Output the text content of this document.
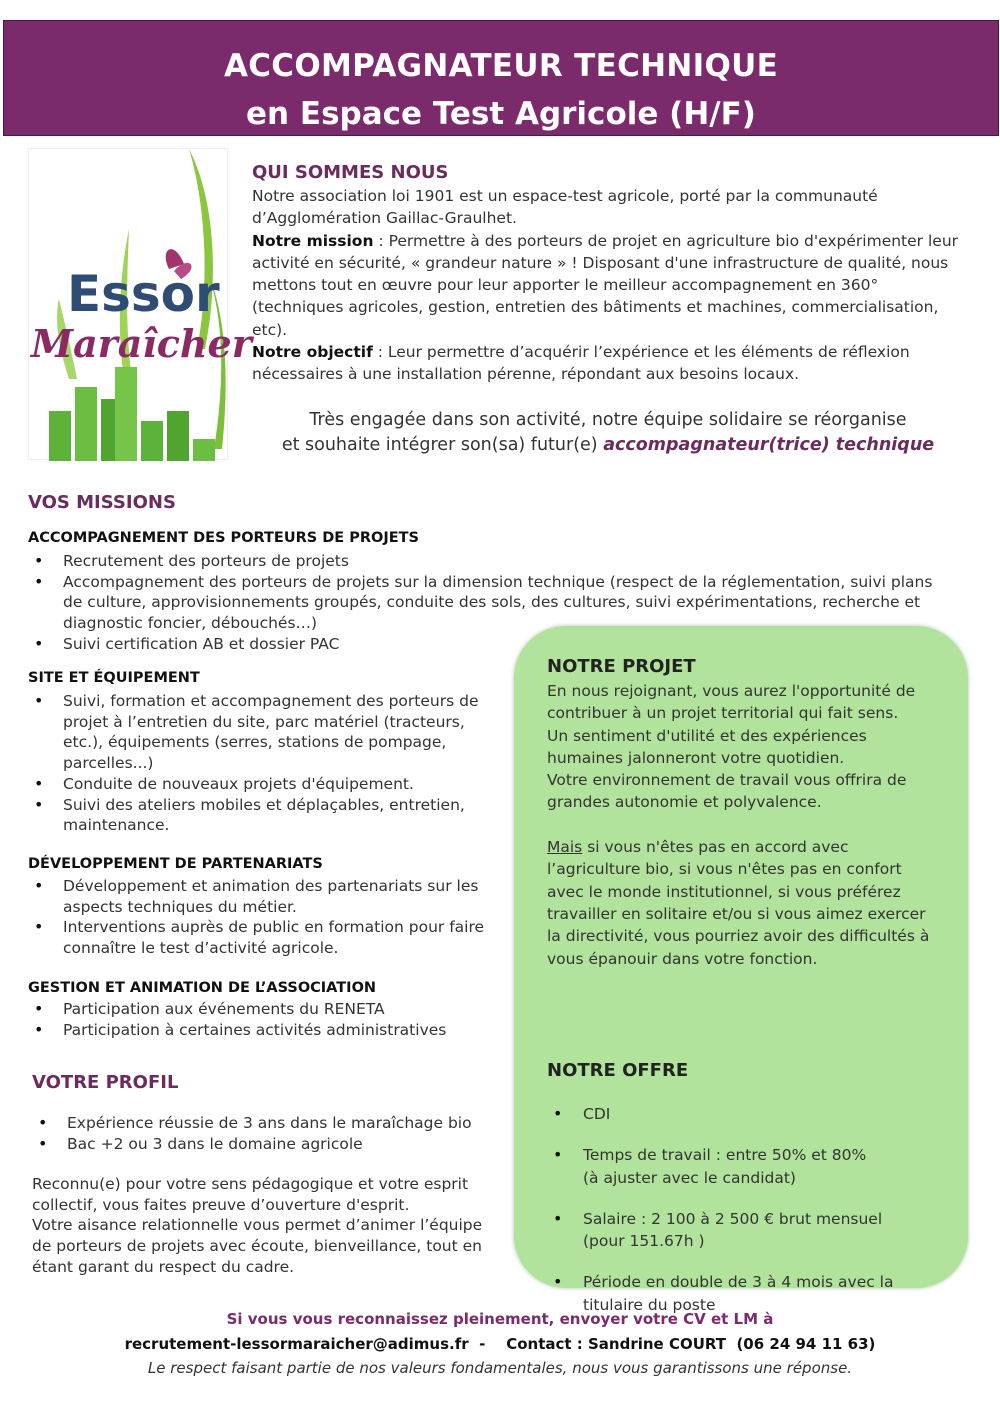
ACCOMPAGNATEUR TECHNIQUE
en Espace Test Agricole (H/F)
Essor
Maraîcher
QUI SOMMES NOUS
Notre association loi 1901 est un espace-test agricole, porté par la communauté d’Agglomération Gaillac-Graulhet.
Notre mission : Permettre à des porteurs de projet en agriculture bio d'expérimenter leur activité en sécurité, « grandeur nature » ! Disposant d'une infrastructure de qualité, nous mettons tout en œuvre pour leur apporter le meilleur accompagnement en 360° (techniques agricoles, gestion, entretien des bâtiments et machines, commercialisation, etc).
Notre objectif : Leur permettre d’acquérir l’expérience et les éléments de réflexion nécessaires à une installation pérenne, répondant aux besoins locaux.
Très engagée dans son activité, notre équipe solidaire se réorganise
et souhaite intégrer son(sa) futur(e) accompagnateur(trice) technique
VOS MISSIONS
ACCOMPAGNEMENT DES PORTEURS DE PROJETS
• Recrutement des porteurs de projets
• Accompagnement des porteurs de projets sur la dimension technique (respect de la réglementation, suivi plans de culture, approvisionnements groupés, conduite des sols, des cultures, suivi expérimentations, recherche et diagnostic foncier, débouchés…)
• Suivi certification AB et dossier PAC
SITE ET ÉQUIPEMENT
• Suivi, formation et accompagnement des porteurs de projet à l’entretien du site, parc matériel (tracteurs, etc.), équipements (serres, stations de pompage, parcelles...)
• Conduite de nouveaux projets d'équipement.
• Suivi des ateliers mobiles et déplaçables, entretien, maintenance.
DÉVELOPPEMENT DE PARTENARIATS
• Développement et animation des partenariats sur les aspects techniques du métier.
• Interventions auprès de public en formation pour faire connaître le test d’activité agricole.
GESTION ET ANIMATION DE L’ASSOCIATION
• Participation aux événements du RENETA
• Participation à certaines activités administratives
VOTRE PROFIL
• Expérience réussie de 3 ans dans le maraîchage bio
• Bac +2 ou 3 dans le domaine agricole
Reconnu(e) pour votre sens pédagogique et votre esprit collectif, vous faites preuve d’ouverture d'esprit.
Votre aisance relationnelle vous permet d’animer l’équipe de porteurs de projets avec écoute, bienveillance, tout en étant garant du respect du cadre.
NOTRE PROJET
En nous rejoignant, vous aurez l'opportunité de contribuer à un projet territorial qui fait sens.
Un sentiment d'utilité et des expériences humaines jalonneront votre quotidien.
Votre environnement de travail vous offrira de grandes autonomie et polyvalence.

Mais si vous n'êtes pas en accord avec l’agriculture bio, si vous n'êtes pas en confort avec le monde institutionnel, si vous préférez travailler en solitaire et/ou si vous aimez exercer la directivité, vous pourriez avoir des difficultés à vous épanouir dans votre fonction.
NOTRE OFFRE

• CDI

• Temps de travail : entre 50% et 80%
(à ajuster avec le candidat)

• Salaire : 2 100 à 2 500 € brut mensuel
(pour 151.67h )

• Période en double de 3 à 4 mois avec la titulaire du poste

Si vous vous reconnaissez pleinement, envoyer votre CV et LM à
recrutement-lessormaraicher@adimus.fr  -    Contact : Sandrine COURT  (06 24 94 11 63)
Le respect faisant partie de nos valeurs fondamentales, nous vous garantissons une réponse.
